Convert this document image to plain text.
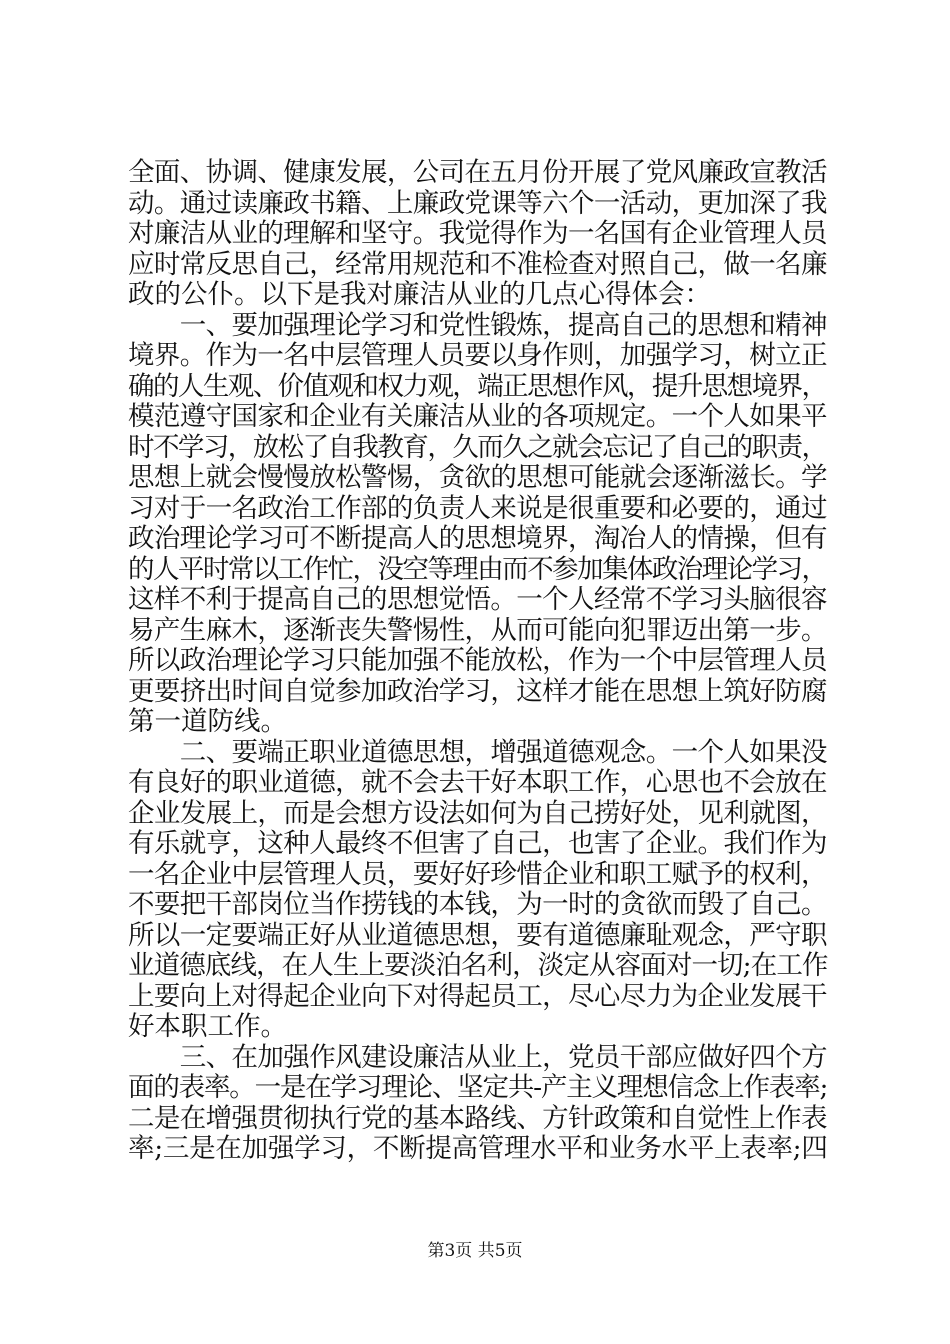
全面、协调、健康发展，公司在五月份开展了党风廉政宣教活
动。通过读廉政书籍、上廉政党课等六个一活动，更加深了我
对廉洁从业的理解和坚守。我觉得作为一名国有企业管理人员
应时常反思自己，经常用规范和不准检查对照自己，做一名廉
政的公仆。以下是我对廉洁从业的几点心得体会：
　　一、要加强理论学习和党性锻炼，提高自己的思想和精神
境界。作为一名中层管理人员要以身作则，加强学习，树立正
确的人生观、价值观和权力观，端正思想作风，提升思想境界，
模范遵守国家和企业有关廉洁从业的各项规定。一个人如果平
时不学习，放松了自我教育，久而久之就会忘记了自己的职责，
思想上就会慢慢放松警惕，贪欲的思想可能就会逐渐滋长。学
习对于一名政治工作部的负责人来说是很重要和必要的，通过
政治理论学习可不断提高人的思想境界，淘冶人的情操，但有
的人平时常以工作忙，没空等理由而不参加集体政治理论学习，
这样不利于提高自己的思想觉悟。一个人经常不学习头脑很容
易产生麻木，逐渐丧失警惕性，从而可能向犯罪迈出第一步。
所以政治理论学习只能加强不能放松，作为一个中层管理人员
更要挤出时间自觉参加政治学习，这样才能在思想上筑好防腐
第一道防线。
　　二、要端正职业道德思想，增强道德观念。一个人如果没
有良好的职业道德，就不会去干好本职工作，心思也不会放在
企业发展上，而是会想方设法如何为自己捞好处，见利就图，
有乐就亨，这种人最终不但害了自己，也害了企业。我们作为
一名企业中层管理人员，要好好珍惜企业和职工赋予的权利，
不要把干部岗位当作捞钱的本钱，为一时的贪欲而毁了自己。
所以一定要端正好从业道德思想，要有道德廉耻观念，严守职
业道德底线，在人生上要淡泊名利，淡定从容面对一切;在工作
上要向上对得起企业向下对得起员工，尽心尽力为企业发展干
好本职工作。
　　三、在加强作风建设廉洁从业上，党员干部应做好四个方
面的表率。一是在学习理论、坚定共-产主义理想信念上作表率;
二是在增强贯彻执行党的基本路线、方针政策和自觉性上作表
率;三是在加强学习，不断提高管理水平和业务水平上表率;四
第3页 共5页
